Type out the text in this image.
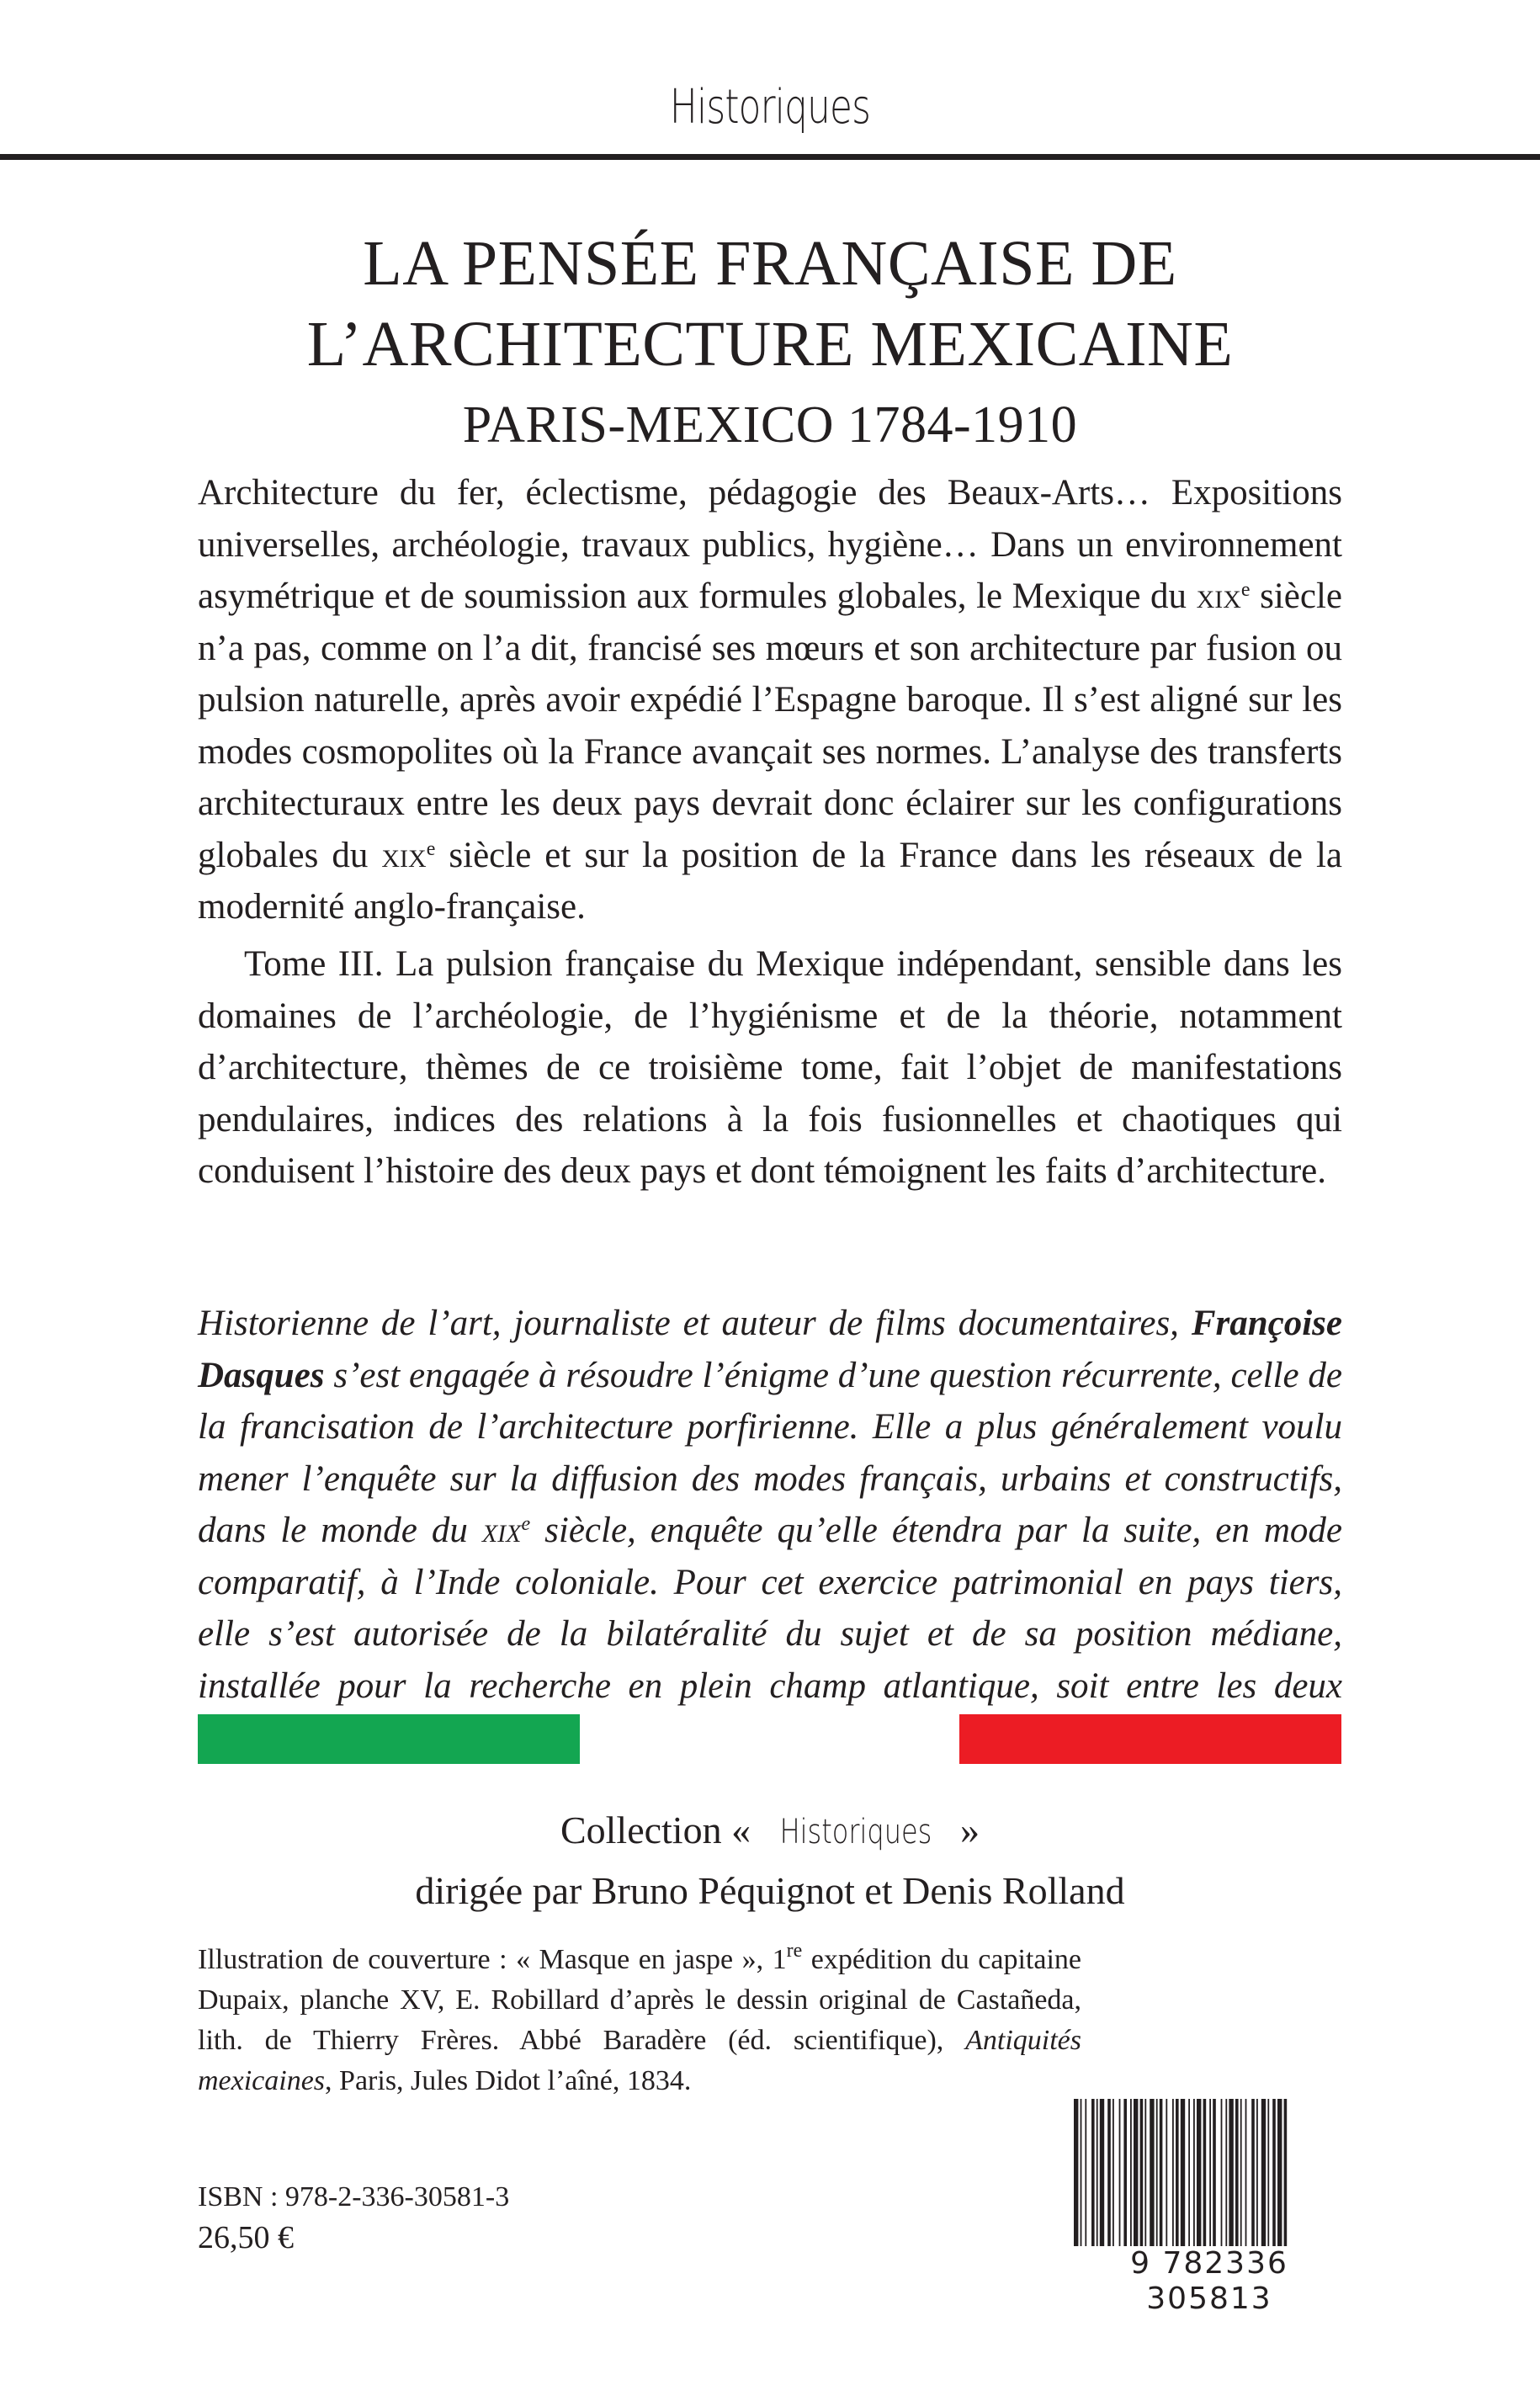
Historiques
LA PENSÉE FRANÇAISE DE
L’ARCHITECTURE MEXICAINE
PARIS-MEXICO 1784-1910

Architecture du fer, éclectisme, pédagogie des Beaux-Arts… Expositions universelles, archéologie, travaux publics, hygiène… Dans un environnement asymétrique et de soumission aux formules globales, le Mexique du xix$^e$ siècle n’a pas, comme on l’a dit, francisé ses mœurs et son architecture par fusion ou pulsion naturelle, après avoir expédié l’Espagne baroque. Il s’est aligné sur les modes cosmopolites où la France avançait ses normes. L’analyse des transferts architecturaux entre les deux pays devrait donc éclairer sur les configurations globales du xix$^e$ siècle et sur la position de la France dans les réseaux de la modernité anglo-française.

Tome III. La pulsion française du Mexique indépendant, sensible dans les domaines de l’archéologie, de l’hygiénisme et de la théorie, notamment d’architecture, thèmes de ce troisième tome, fait l’objet de manifestations pendulaires, indices des relations à la fois fusionnelles et chaotiques qui conduisent l’histoire des deux pays et dont témoignent les faits d’architecture.

Historienne de l’art, journaliste et auteur de films documentaires, Françoise Dasques s’est engagée à résoudre l’énigme d’une question récurrente, celle de la francisation de l’architecture porfirienne. Elle a plus généralement voulu mener l’enquête sur la diffusion des modes français, urbains et constructifs, dans le monde du xix$^e$ siècle, enquête qu’elle étendra par la suite, en mode comparatif, à l’Inde coloniale. Pour cet exercice patrimonial en pays tiers, elle s’est autorisée de la bilatéralité du sujet et de sa position médiane, installée pour la recherche en plein champ atlantique, soit entre les deux

Collection « Historiques »
dirigée par Bruno Péquignot et Denis Rolland

Illustration de couverture : « Masque en jaspe », 1re expédition du capitaine Dupaix, planche XV, E. Robillard d’après le dessin original de Castañeda, lith. de Thierry Frères. Abbé Baradère (éd. scientifique), Antiquités mexicaines, Paris, Jules Didot l’aîné, 1834.

ISBN : 978-2-336-30581-3
26,50 €
9 782336 305813
